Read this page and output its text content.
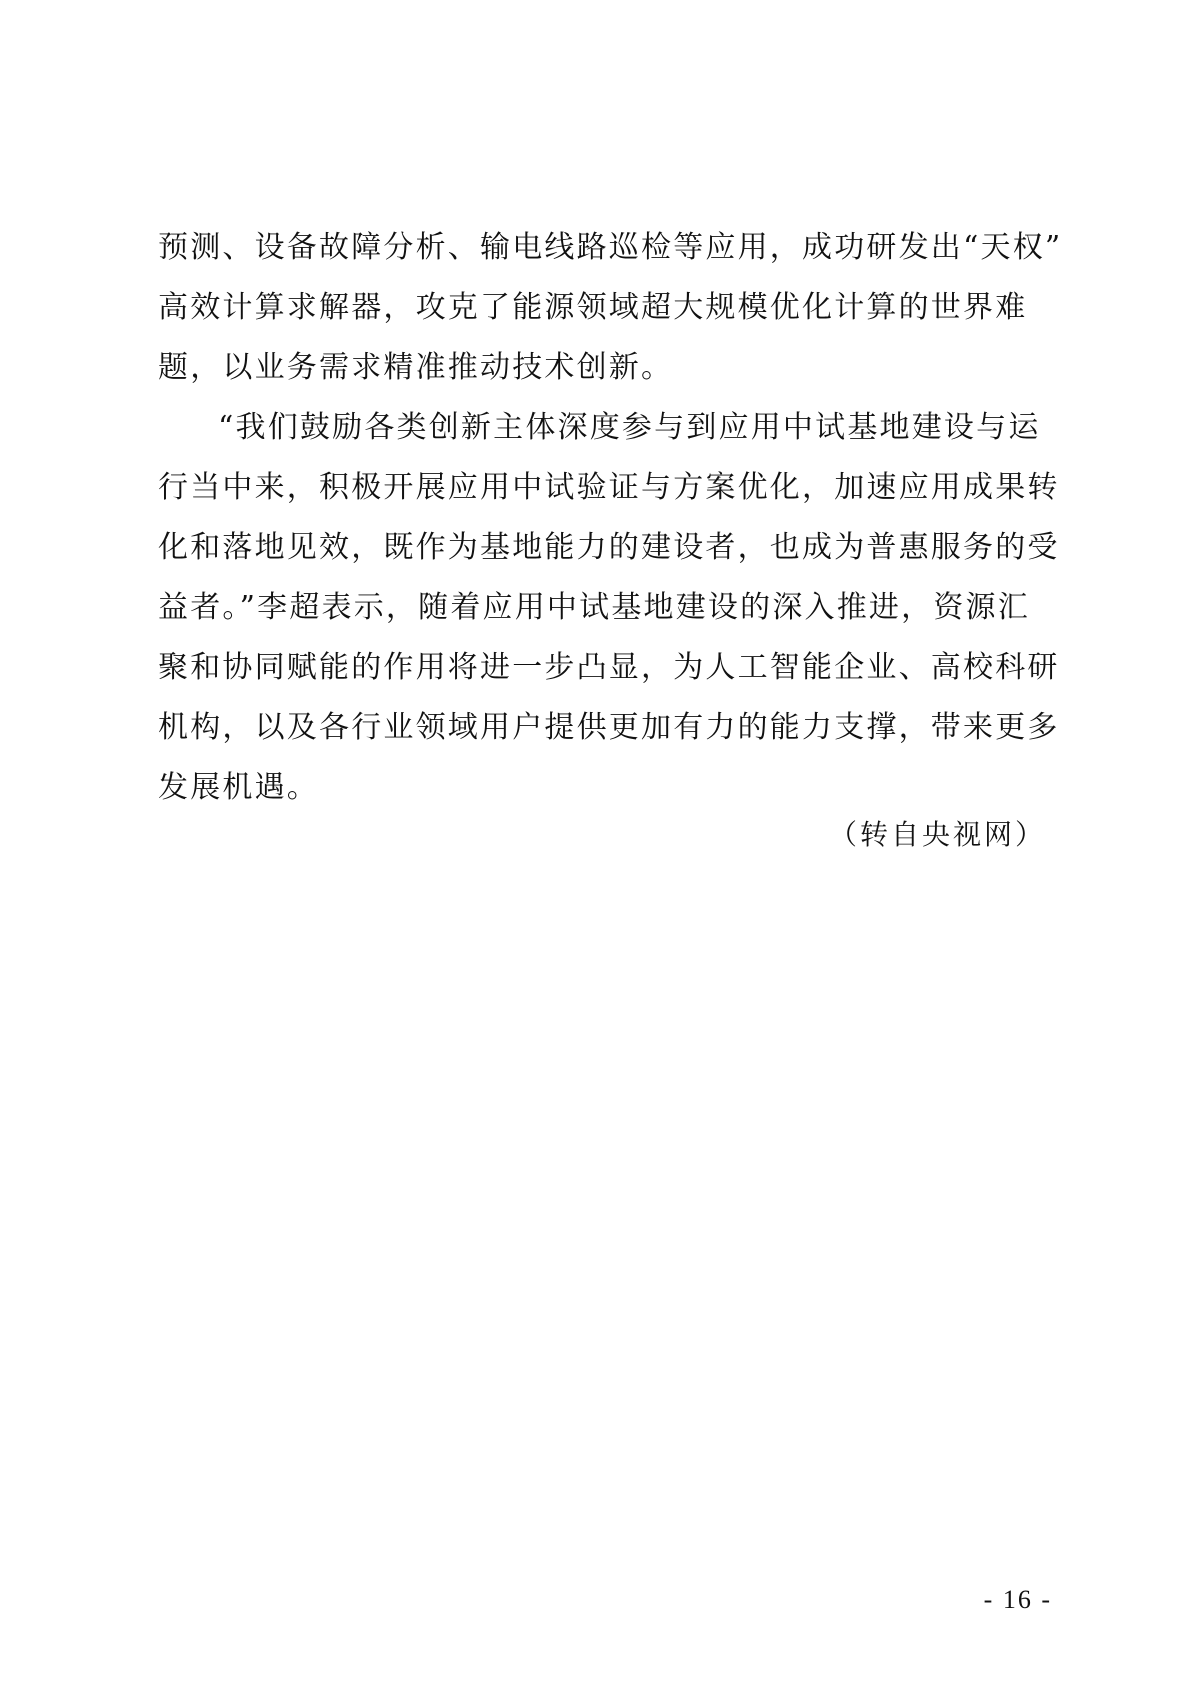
预测、设备故障分析、输电线路巡检等应用，成功研发出“天权”
高效计算求解器，攻克了能源领域超大规模优化计算的世界难
题，以业务需求精准推动技术创新。
“我们鼓励各类创新主体深度参与到应用中试基地建设与运
行当中来，积极开展应用中试验证与方案优化，加速应用成果转
化和落地见效，既作为基地能力的建设者，也成为普惠服务的受
益者。”李超表示，随着应用中试基地建设的深入推进，资源汇
聚和协同赋能的作用将进一步凸显，为人工智能企业、高校科研
机构，以及各行业领域用户提供更加有力的能力支撑，带来更多
发展机遇。
（转自央视网）
- 16 -
